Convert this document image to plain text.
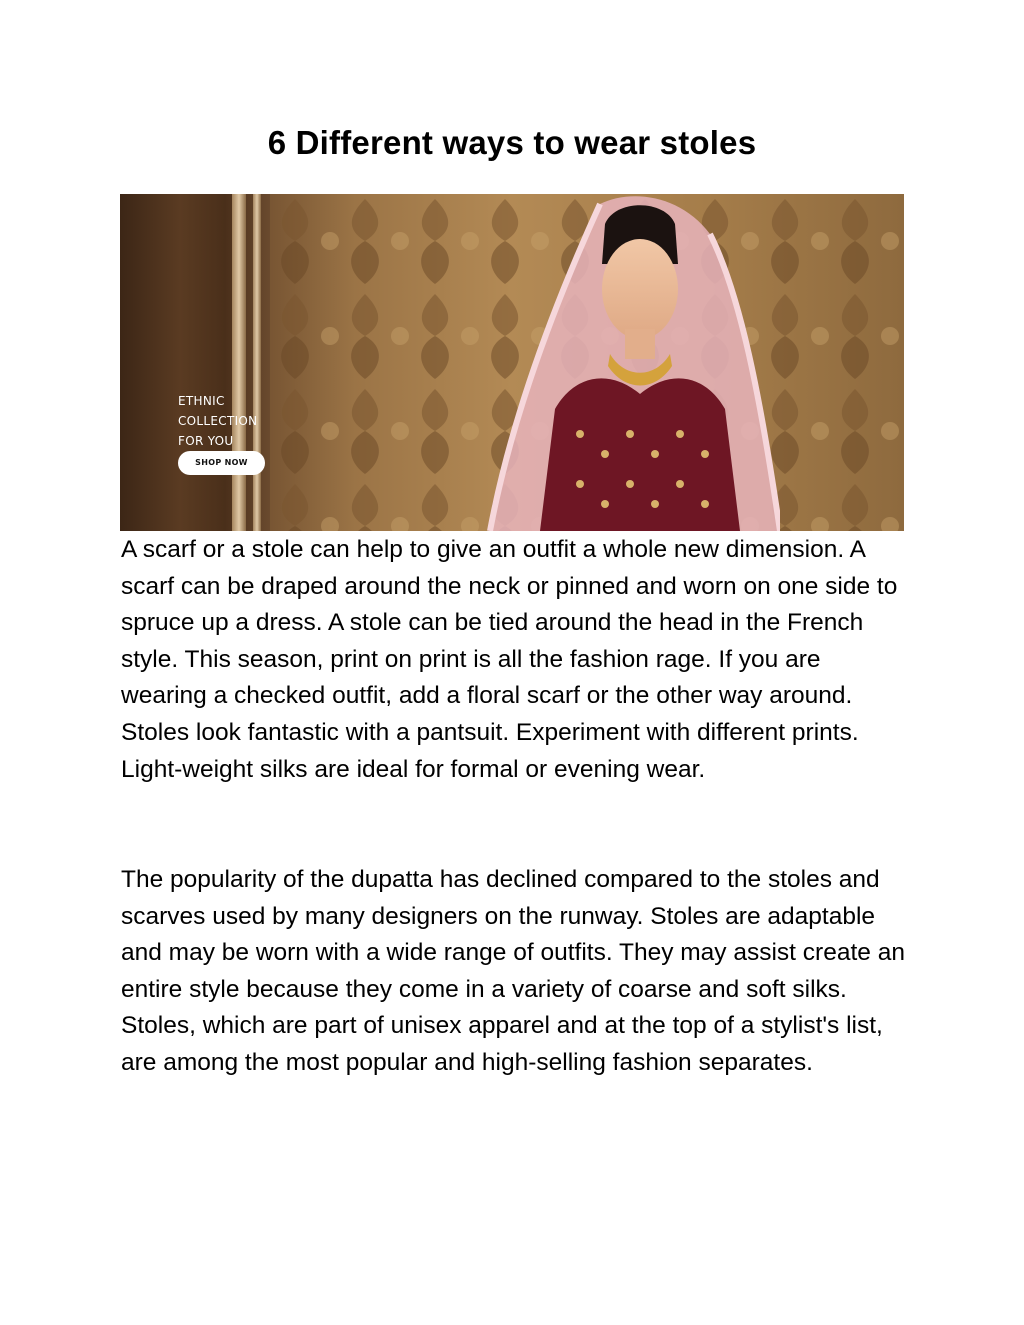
6 Different ways to wear stoles
ETHNIC
COLLECTION
FOR YOU
SHOP NOW

A scarf or a stole can help to give an outfit a whole new dimension. A scarf can be draped around the neck or pinned and worn on one side to spruce up a dress. A stole can be tied around the head in the French style. This season, print on print is all the fashion rage. If you are wearing a checked outfit, add a floral scarf or the other way around. Stoles look fantastic with a pantsuit. Experiment with different prints. Light-weight silks are ideal for formal or evening wear.

The popularity of the dupatta has declined compared to the stoles and scarves used by many designers on the runway. Stoles are adaptable and may be worn with a wide range of outfits. They may assist create an entire style because they come in a variety of coarse and soft silks. Stoles, which are part of unisex apparel and at the top of a stylist's list, are among the most popular and high-selling fashion separates.
